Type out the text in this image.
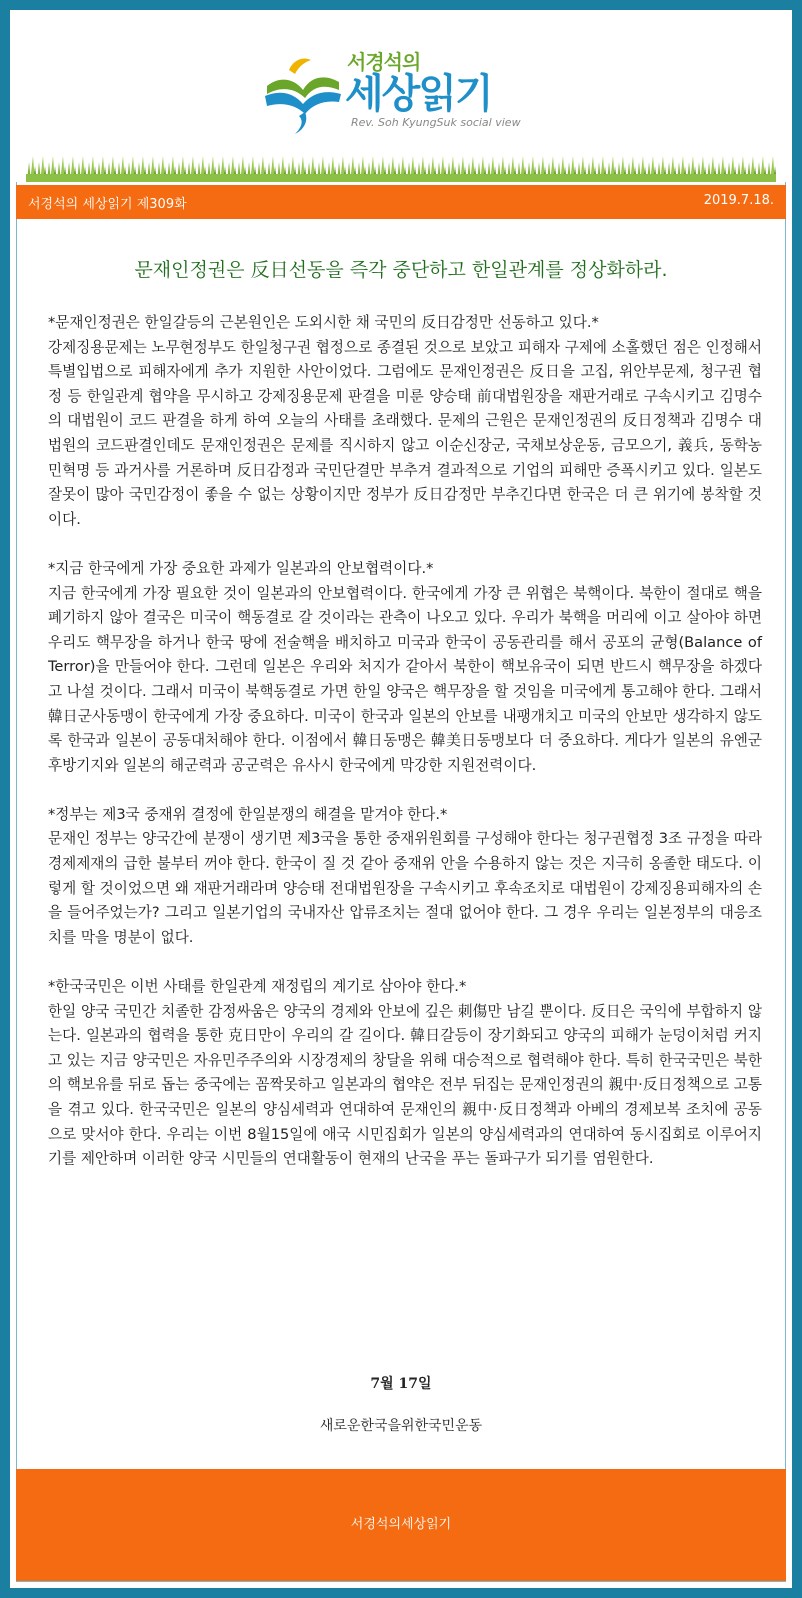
서경석의
세상읽기
Rev. Soh KyungSuk social view
서경석의 세상읽기 제309화	2019.7.18.
문재인정권은 反日선동을 즉각 중단하고 한일관계를 정상화하라.

*문재인정권은 한일갈등의 근본원인은 도외시한 채 국민의 反日감정만 선동하고 있다.*

강제징용문제는 노무현정부도 한일청구권 협정으로 종결된 것으로 보았고 피해자 구제에 소홀했던 점은 인정해서 특별입법으로 피해자에게 추가 지원한 사안이었다. 그럼에도 문재인정권은 反日을 고집, 위안부문제, 청구권 협정 등 한일관계 협약을 무시하고 강제징용문제 판결을 미룬 양승태 前대법원장을 재판거래로 구속시키고 김명수의 대법원이 코드 판결을 하게 하여 오늘의 사태를 초래했다. 문제의 근원은 문재인정권의 反日정책과 김명수 대법원의 코드판결인데도 문재인정권은 문제를 직시하지 않고 이순신장군, 국채보상운동, 금모으기, 義兵, 동학농민혁명 등 과거사를 거론하며 反日감정과 국민단결만 부추겨 결과적으로 기업의 피해만 증폭시키고 있다. 일본도 잘못이 많아 국민감정이 좋을 수 없는 상황이지만 정부가 反日감정만 부추긴다면 한국은 더 큰 위기에 봉착할 것이다.

*지금 한국에게 가장 중요한 과제가 일본과의 안보협력이다.*

지금 한국에게 가장 필요한 것이 일본과의 안보협력이다. 한국에게 가장 큰 위협은 북핵이다. 북한이 절대로 핵을 폐기하지 않아 결국은 미국이 핵동결로 갈 것이라는 관측이 나오고 있다. 우리가 북핵을 머리에 이고 살아야 하면 우리도 핵무장을 하거나 한국 땅에 전술핵을 배치하고 미국과 한국이 공동관리를 해서 공포의 균형(Balance of Terror)을 만들어야 한다. 그런데 일본은 우리와 처지가 같아서 북한이 핵보유국이 되면 반드시 핵무장을 하겠다고 나설 것이다. 그래서 미국이 북핵동결로 가면 한일 양국은 핵무장을 할 것임을 미국에게 통고해야 한다. 그래서 韓日군사동맹이 한국에게 가장 중요하다. 미국이 한국과 일본의 안보를 내팽개치고 미국의 안보만 생각하지 않도록 한국과 일본이 공동대처해야 한다. 이점에서 韓日동맹은 韓美日동맹보다 더 중요하다. 게다가 일본의 유엔군 후방기지와 일본의 해군력과 공군력은 유사시 한국에게 막강한 지원전력이다.

*정부는 제3국 중재위 결정에 한일분쟁의 해결을 맡겨야 한다.*

문재인 정부는 양국간에 분쟁이 생기면 제3국을 통한 중재위원회를 구성해야 한다는 청구권협정 3조 규정을 따라 경제제재의 급한 불부터 꺼야 한다. 한국이 질 것 같아 중재위 안을 수용하지 않는 것은 지극히 옹졸한 태도다. 이렇게 할 것이었으면 왜 재판거래라며 양승태 전대법원장을 구속시키고 후속조치로 대법원이 강제징용피해자의 손을 들어주었는가? 그리고 일본기업의 국내자산 압류조치는 절대 없어야 한다. 그 경우 우리는 일본정부의 대응조치를 막을 명분이 없다.

*한국국민은 이번 사태를 한일관계 재정립의 계기로 삼아야 한다.*

한일 양국 국민간 치졸한 감정싸움은 양국의 경제와 안보에 깊은 刺傷만 남길 뿐이다. 反日은 국익에 부합하지 않는다. 일본과의 협력을 통한 克日만이 우리의 갈 길이다. 韓日갈등이 장기화되고 양국의 피해가 눈덩이처럼 커지고 있는 지금 양국민은 자유민주주의와 시장경제의 창달을 위해 대승적으로 협력해야 한다. 특히 한국국민은 북한의 핵보유를 뒤로 돕는 중국에는 꼼짝못하고 일본과의 협약은 전부 뒤집는 문재인정권의 親中·反日정책으로 고통을 겪고 있다. 한국국민은 일본의 양심세력과 연대하여 문재인의 親中·反日정책과 아베의 경제보복 조치에 공동으로 맞서야 한다. 우리는 이번 8월15일에 애국 시민집회가 일본의 양심세력과의 연대하여 동시집회로 이루어지기를 제안하며 이러한 양국 시민들의 연대활동이 현재의 난국을 푸는 돌파구가 되기를 염원한다.

7월 17일
새로운한국을위한국민운동
서경석의세상읽기
